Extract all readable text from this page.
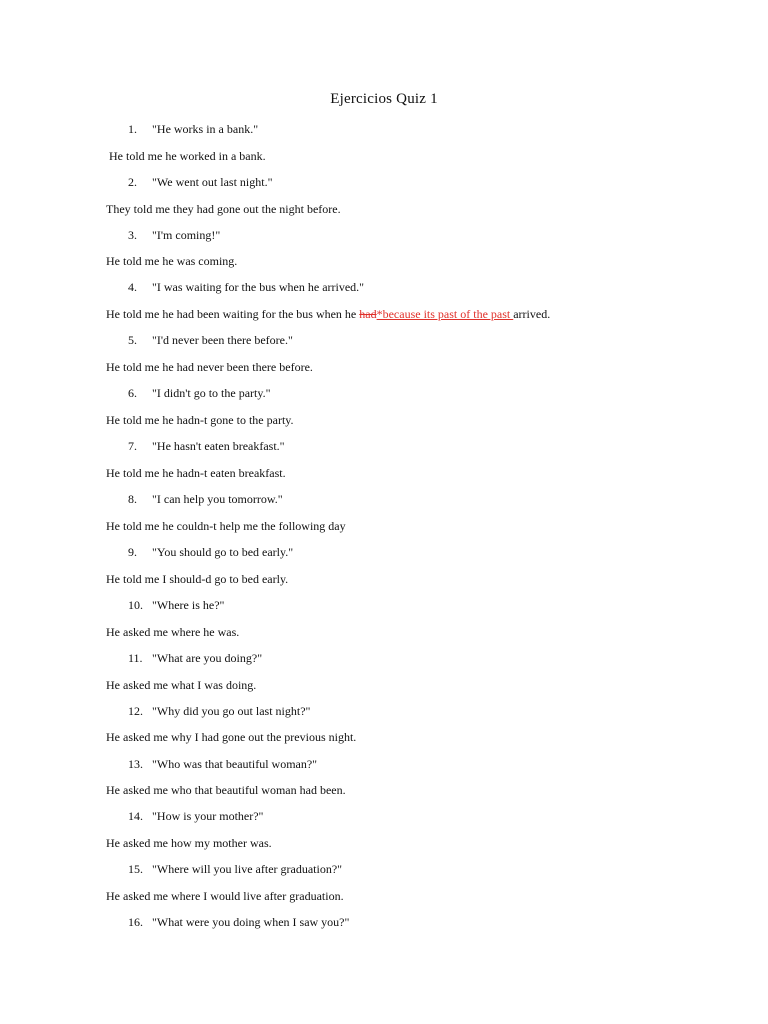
Ejercicios Quiz 1
1. "He works in a bank."
He told me he worked in a bank.
2. "We went out last night."
They told me they had gone out the night before.
3. "I'm coming!"
He told me he was coming.
4. "I was waiting for the bus when he arrived."
He told me he had been waiting for the bus when he had*because its past of the past arrived.
5. "I'd never been there before."
He told me he had never been there before.
6. "I didn't go to the party."
He told me he hadn-t gone to the party.
7. "He hasn't eaten breakfast."
He told me he hadn-t eaten breakfast.
8. "I can help you tomorrow."
He told me he couldn-t help me the following day
9. "You should go to bed early."
He told me I should-d go to bed early.
10. "Where is he?"
He asked me where he was.
11. "What are you doing?"
He asked me what I was doing.
12. "Why did you go out last night?"
He asked me why I had gone out the previous night.
13. "Who was that beautiful woman?"
He asked me who that beautiful woman had been.
14. "How is your mother?"
He asked me how my mother was.
15. "Where will you live after graduation?"
He asked me where I would live after graduation.
16. "What were you doing when I saw you?"
